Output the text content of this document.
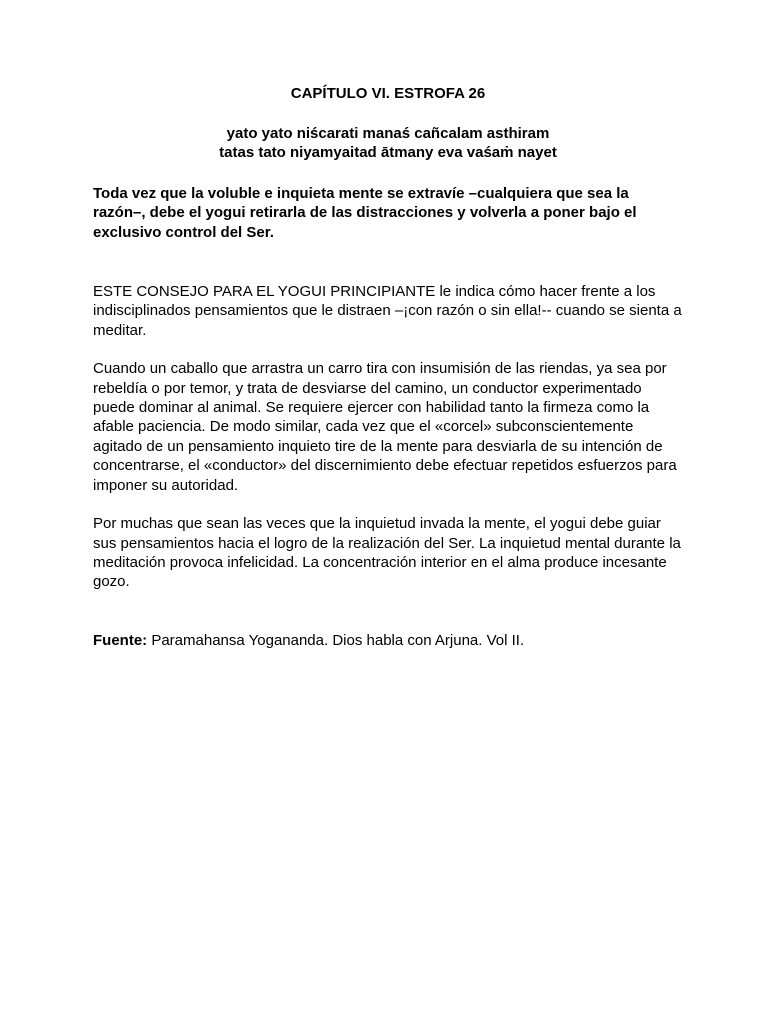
CAPÍTULO VI. ESTROFA 26
yato yato niścarati manaś cañcalam asthiram
tatas tato niyamyaitad ātmany eva vaśaṁ nayet

Toda vez que la voluble e inquieta mente se extravíe –cualquiera que sea la razón–, debe el yogui retirarla de las distracciones y volverla a poner bajo el exclusivo control del Ser.

ESTE CONSEJO PARA EL YOGUI PRINCIPIANTE le indica cómo hacer frente a los indisciplinados pensamientos que le distraen –¡con razón o sin ella!-- cuando se sienta a meditar.

Cuando un caballo que arrastra un carro tira con insumisión de las riendas, ya sea por rebeldía o por temor, y trata de desviarse del camino, un conductor experimentado puede dominar al animal. Se requiere ejercer con habilidad tanto la firmeza como la afable paciencia. De modo similar, cada vez que el «corcel» subconscientemente agitado de un pensamiento inquieto tire de la mente para desviarla de su intención de concentrarse, el «conductor» del discernimiento debe efectuar repetidos esfuerzos para imponer su autoridad.

Por muchas que sean las veces que la inquietud invada la mente, el yogui debe guiar sus pensamientos hacia el logro de la realización del Ser. La inquietud mental durante la meditación provoca infelicidad. La concentración interior en el alma produce incesante gozo.

Fuente: Paramahansa Yogananda. Dios habla con Arjuna. Vol II.
